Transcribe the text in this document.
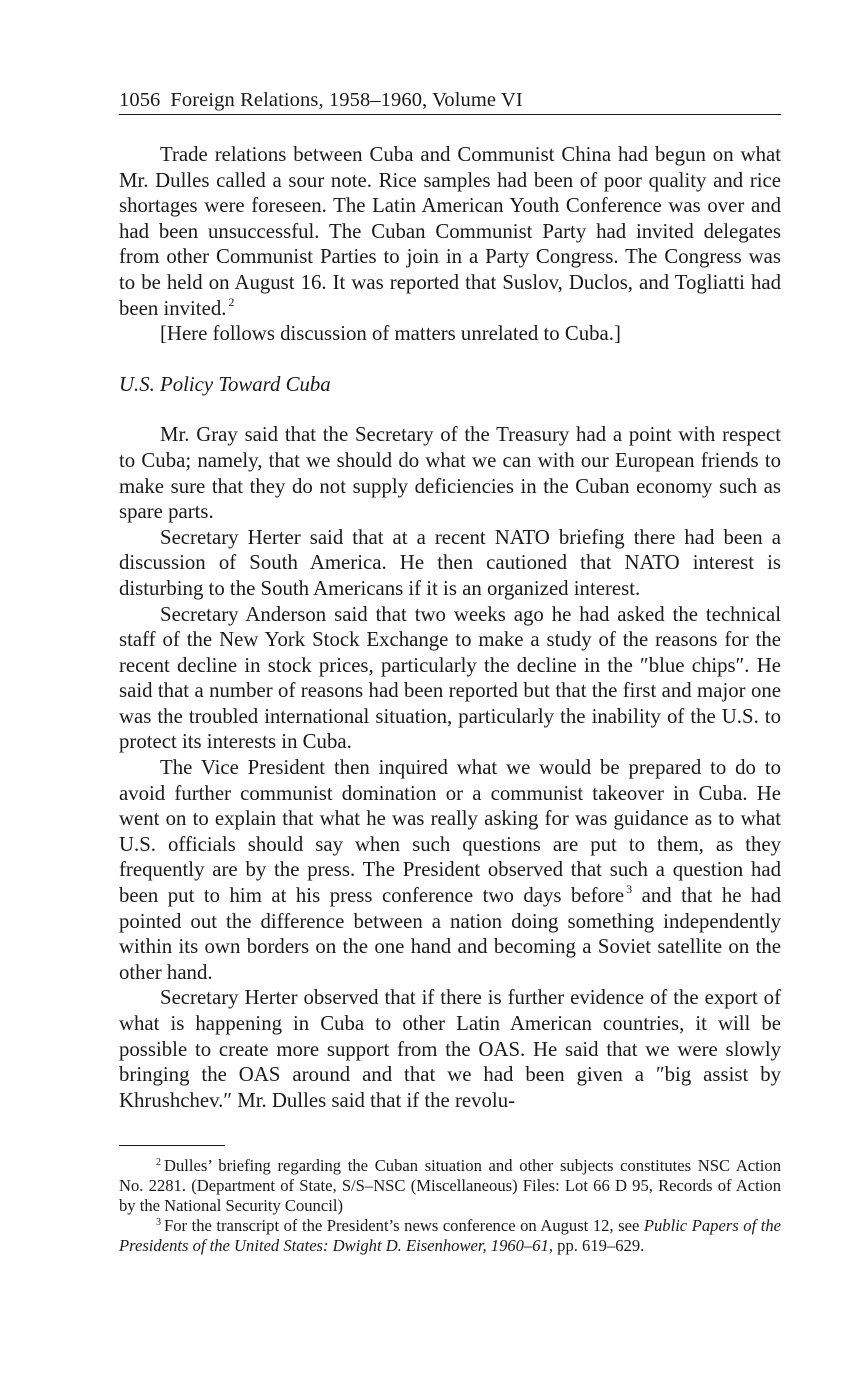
1056 Foreign Relations, 1958–1960, Volume VI

Trade relations between Cuba and Communist China had begun on what Mr. Dulles called a sour note. Rice samples had been of poor quality and rice shortages were foreseen. The Latin American Youth Conference was over and had been unsuccessful. The Cuban Communist Party had invited delegates from other Communist Parties to join in a Party Congress. The Congress was to be held on August 16. It was reported that Suslov, Duclos, and Togliatti had been invited. $^2$

[Here follows discussion of matters unrelated to Cuba.]

U.S. Policy Toward Cuba

Mr. Gray said that the Secretary of the Treasury had a point with respect to Cuba; namely, that we should do what we can with our European friends to make sure that they do not supply deficiencies in the Cuban economy such as spare parts.

Secretary Herter said that at a recent NATO briefing there had been a discussion of South America. He then cautioned that NATO interest is disturbing to the South Americans if it is an organized interest.

Secretary Anderson said that two weeks ago he had asked the technical staff of the New York Stock Exchange to make a study of the reasons for the recent decline in stock prices, particularly the decline in the ″blue chips″. He said that a number of reasons had been reported but that the first and major one was the troubled international situation, particularly the inability of the U.S. to protect its interests in Cuba.

The Vice President then inquired what we would be prepared to do to avoid further communist domination or a communist takeover in Cuba. He went on to explain that what he was really asking for was guidance as to what U.S. officials should say when such questions are put to them, as they frequently are by the press. The President observed that such a question had been put to him at his press conference two days before $^3$ and that he had pointed out the difference between a nation doing something independently within its own borders on the one hand and becoming a Soviet satellite on the other hand.

Secretary Herter observed that if there is further evidence of the export of what is happening in Cuba to other Latin American countries, it will be possible to create more support from the OAS. He said that we were slowly bringing the OAS around and that we had been given a ″big assist by Khrushchev.″ Mr. Dulles said that if the revolu-

$^2$ Dulles’ briefing regarding the Cuban situation and other subjects constitutes NSC Action No. 2281. (Department of State, S/S–NSC (Miscellaneous) Files: Lot 66 D 95, Records of Action by the National Security Council)

$^3$ For the transcript of the President’s news conference on August 12, see Public Papers of the Presidents of the United States: Dwight D. Eisenhower, 1960–61, pp. 619–629.
